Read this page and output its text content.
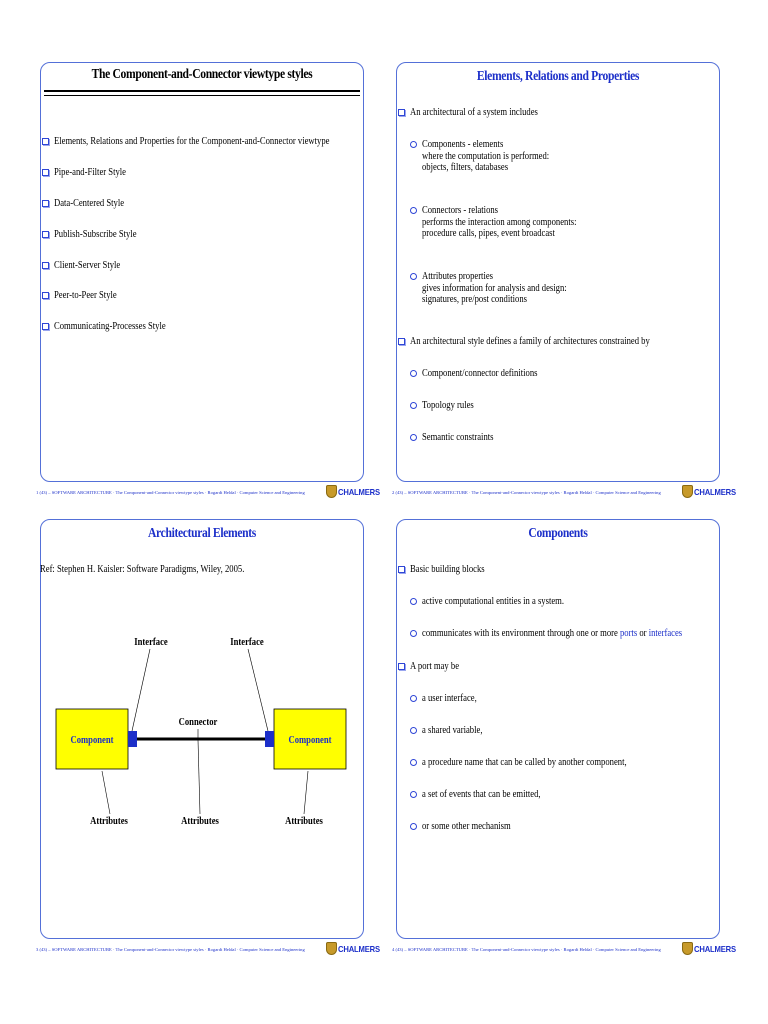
The Component-and-Connector viewtype styles
Elements, Relations and Properties for the Component-and-Connector viewtype
Pipe-and-Filter Style
Data-Centered Style
Publish-Subscribe Style
Client-Server Style
Peer-to-Peer Style
Communicating-Processes Style
1 (43) – SOFTWARE ARCHITECTURE · The Component-and-Connector viewtype styles · Rogardt Heldal · Computer Science and Engineering	CHALMERS
Elements, Relations and Properties
An architectural of a system includes
Components - elements
where the computation is performed:
objects, filters, databases
Connectors - relations
performs the interaction among components:
procedure calls, pipes, event broadcast
Attributes properties
gives information for analysis and design:
signatures, pre/post conditions
An architectural style defines a family of architectures constrained by
Component/connector definitions
Topology rules
Semantic constraints
2 (43) – SOFTWARE ARCHITECTURE · The Component-and-Connector viewtype styles · Rogardt Heldal · Computer Science and Engineering	CHALMERS
Architectural Elements
Ref: Stephen H. Kaisler: Software Paradigms, Wiley, 2005.
Interface	Interface
Connector
Component	Component
Attributes	Attributes	Attributes
3 (43) – SOFTWARE ARCHITECTURE · The Component-and-Connector viewtype styles · Rogardt Heldal · Computer Science and Engineering	CHALMERS
Components
Basic building blocks
active computational entities in a system.
communicates with its environment through one or more ports or interfaces
A port may be
a user interface,
a shared variable,
a procedure name that can be called by another component,
a set of events that can be emitted,
or some other mechanism
4 (43) – SOFTWARE ARCHITECTURE · The Component-and-Connector viewtype styles · Rogardt Heldal · Computer Science and Engineering	CHALMERS
